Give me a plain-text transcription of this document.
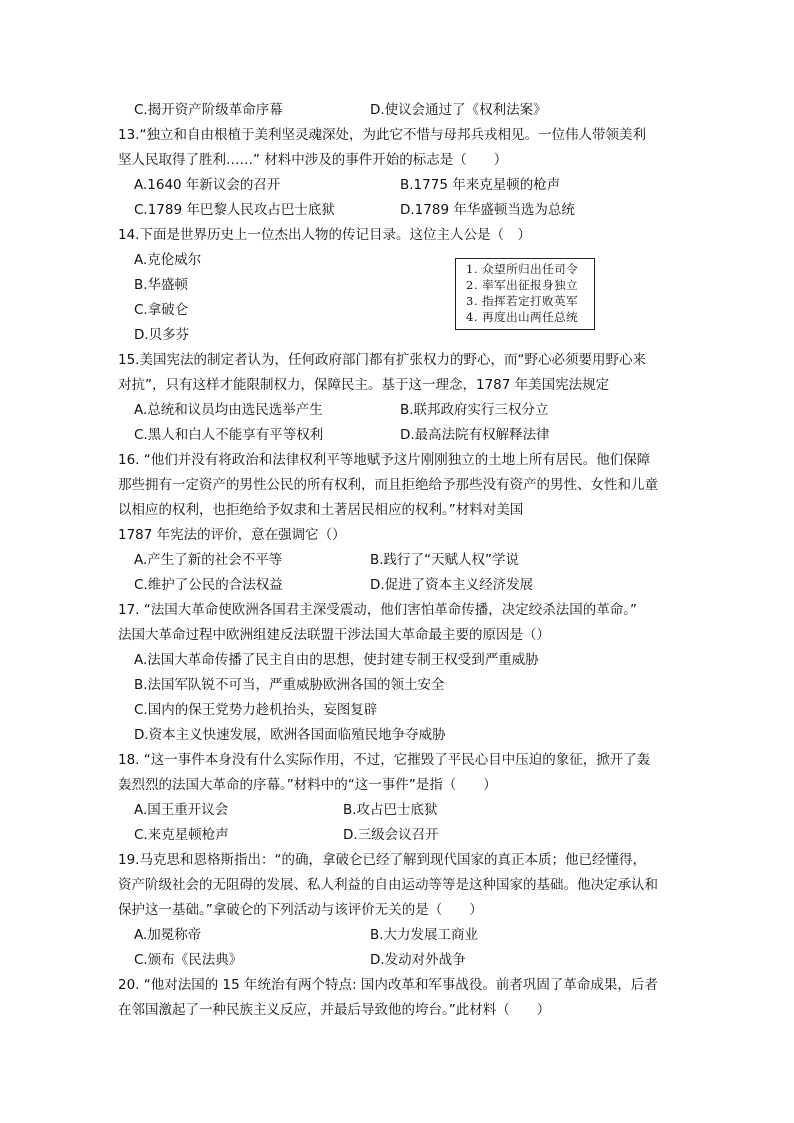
C.揭开资产阶级革命序幕	D.使议会通过了《权利法案》
13.“独立和自由根植于美利坚灵魂深处，为此它不惜与母邦兵戎相见。一位伟人带领美利
坚人民取得了胜利……” 材料中涉及的事件开始的标志是（　　）
A.1640 年新议会的召开	B.1775 年来克星顿的枪声
C.1789 年巴黎人民攻占巴士底狱	D.1789 年华盛顿当选为总统
14.下面是世界历史上一位杰出人物的传记目录。这位主人公是（　）
A.克伦威尔
B.华盛顿
C.拿破仑
D.贝多芬
1. 众望所归出任司令
2. 率军出征报身独立
3. 指挥若定打败英军
4. 再度出山两任总统
15.美国宪法的制定者认为，任何政府部门都有扩张权力的野心，而“野心必须要用野心来
对抗”，只有这样才能限制权力，保障民主。基于这一理念，1787 年美国宪法规定
A.总统和议员均由选民选举产生	B.联邦政府实行三权分立
C.黑人和白人不能享有平等权利	D.最高法院有权解释法律
16. “他们并没有将政治和法律权利平等地赋予这片刚刚独立的土地上所有居民。他们保障
那些拥有一定资产的男性公民的所有权利，而且拒绝给予那些没有资产的男性、女性和儿童
以相应的权利，也拒绝给予奴隶和土著居民相应的权利。”材料对美国
1787 年宪法的评价，意在强调它（）
A.产生了新的社会不平等	B.践行了“天赋人权”学说
C.维护了公民的合法权益	D.促进了资本主义经济发展
17. “法国大革命使欧洲各国君主深受震动，他们害怕革命传播，决定绞杀法国的革命。”
法国大革命过程中欧洲组建反法联盟干涉法国大革命最主要的原因是（）
A.法国大革命传播了民主自由的思想，使封建专制王权受到严重威胁
B.法国军队锐不可当，严重威胁欧洲各国的领土安全
C.国内的保王党势力趁机抬头，妄图复辟
D.资本主义快速发展，欧洲各国面临殖民地争夺威胁
18. “这一事件本身没有什么实际作用，不过，它摧毁了平民心目中压迫的象征，掀开了轰
轰烈烈的法国大革命的序幕。”材料中的“这一事件”是指（　　）
A.国王重开议会	B.攻占巴士底狱
C.来克星顿枪声	D.三级会议召开
19.马克思和恩格斯指出：“的确，拿破仑已经了解到现代国家的真正本质；他已经懂得，
资产阶级社会的无阻碍的发展、私人利益的自由运动等等是这种国家的基础。他决定承认和
保护这一基础。”拿破仑的下列活动与该评价无关的是（　　）
A.加冕称帝	B.大力发展工商业
C.颁布《民法典》	D.发动对外战争
20. “他对法国的 15 年统治有两个特点: 国内改革和军事战役。前者巩固了革命成果，后者
在邻国激起了一种民族主义反应，并最后导致他的垮台。”此材料（　　）
